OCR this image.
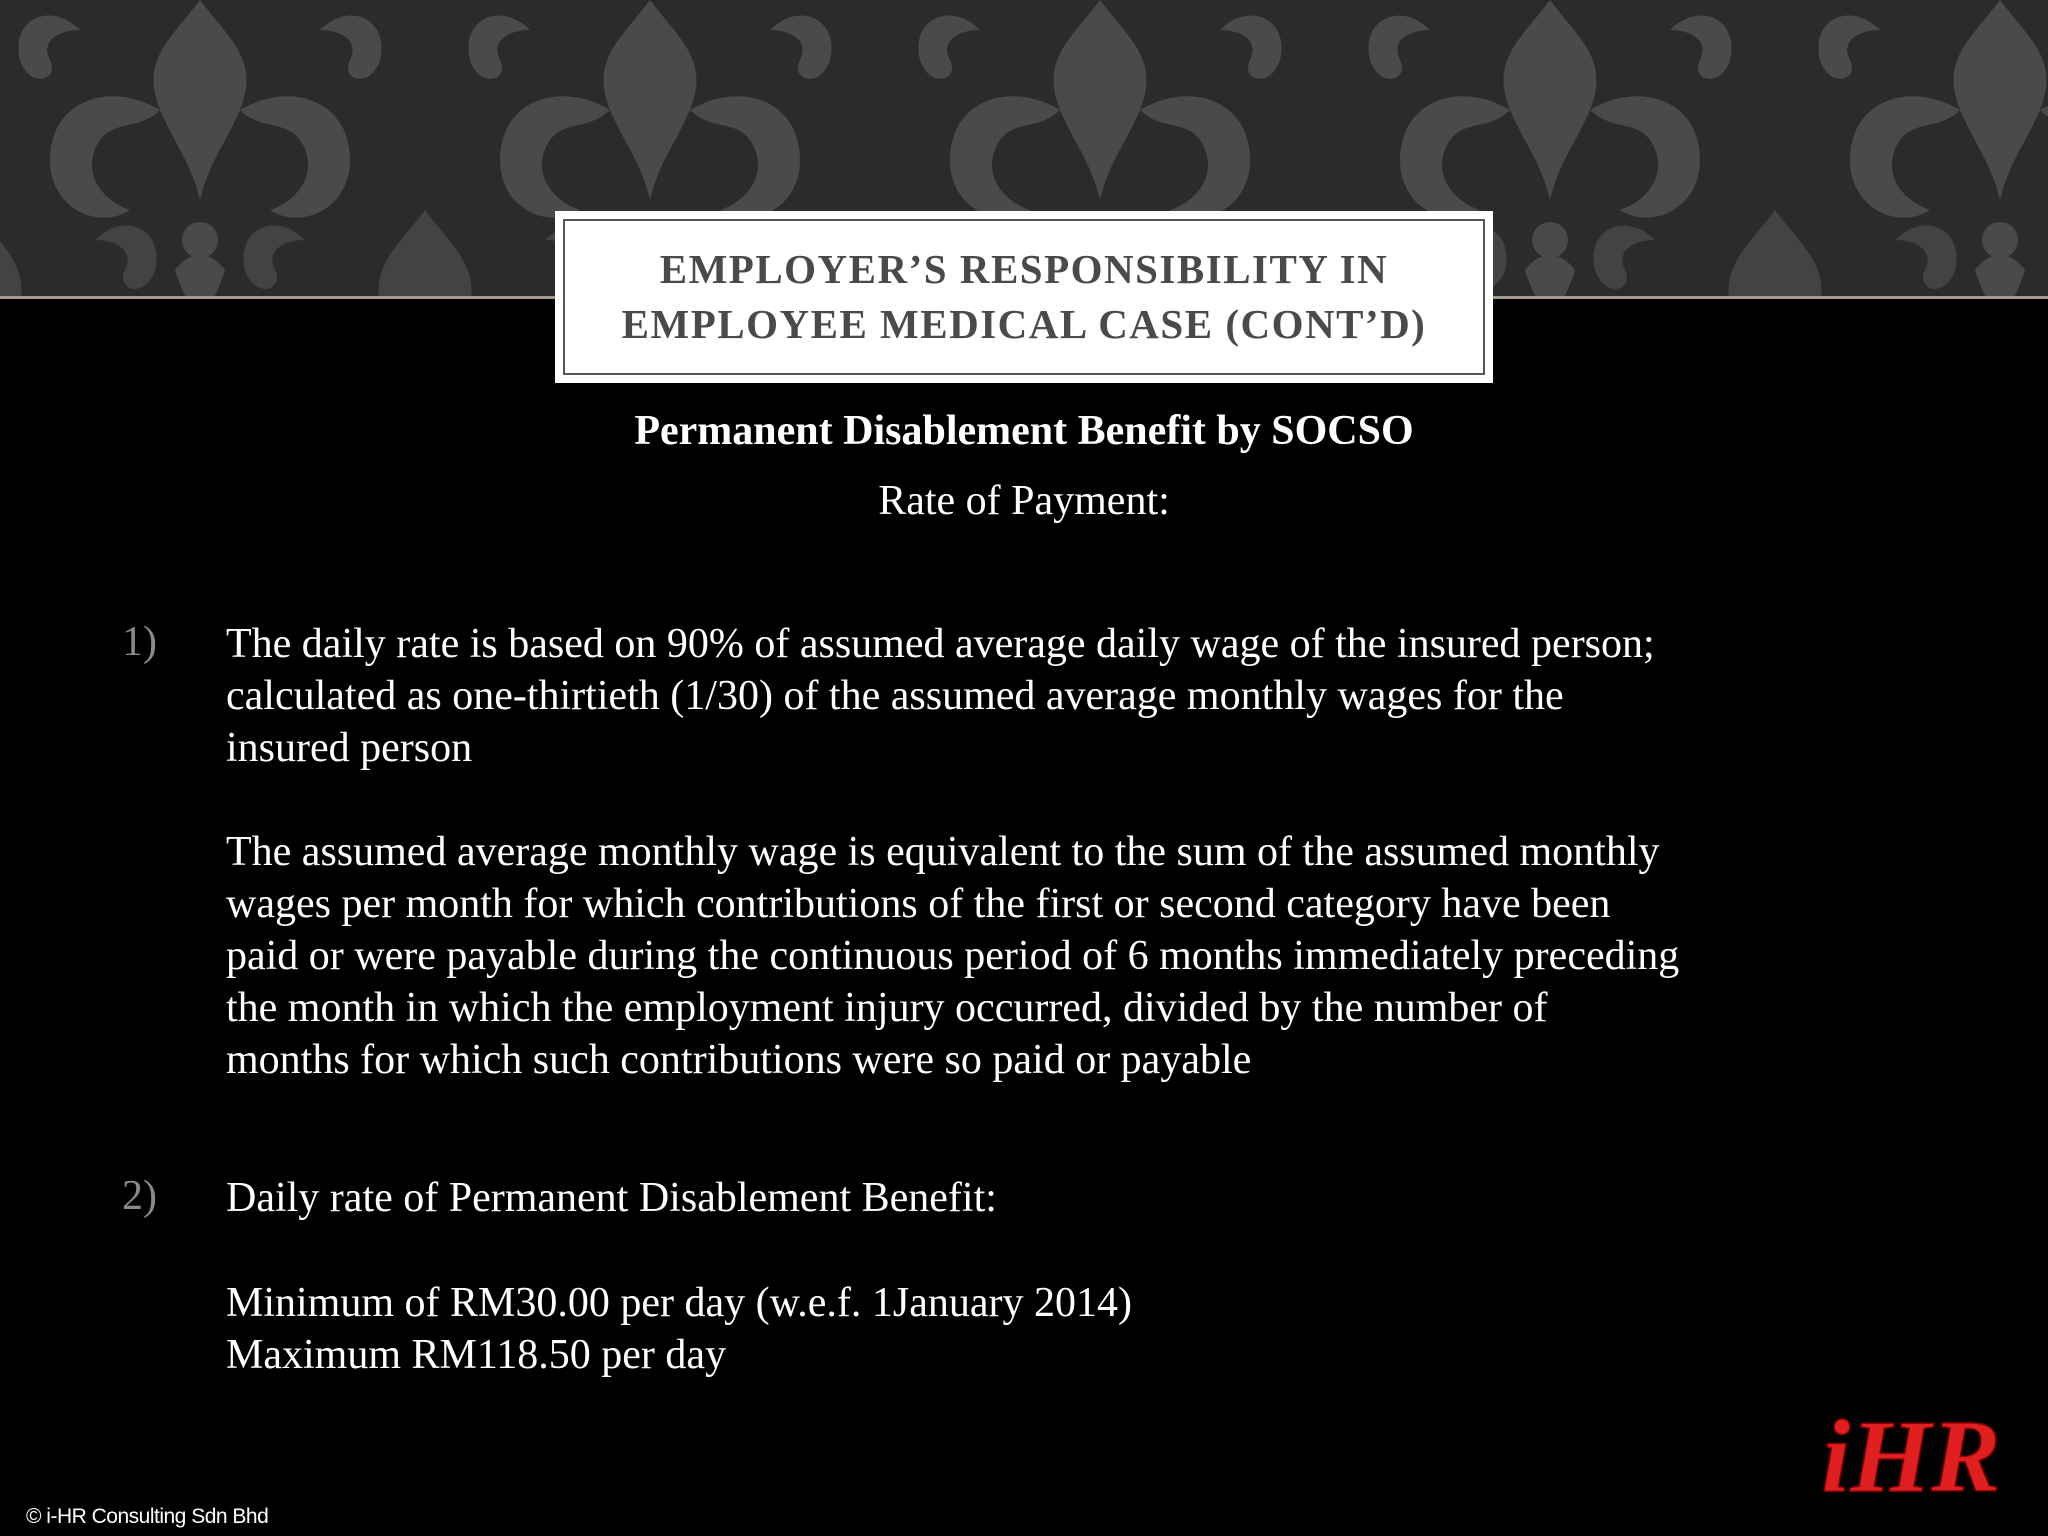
EMPLOYER’S RESPONSIBILITY IN
EMPLOYEE MEDICAL CASE (CONT’D)
Permanent Disablement Benefit by SOCSO
Rate of Payment:
1) The daily rate is based on 90% of assumed average daily wage of the insured person;
calculated as one-thirtieth (1/30) of the assumed average monthly wages for the
insured person
The assumed average monthly wage is equivalent to the sum of the assumed monthly
wages per month for which contributions of the first or second category have been
paid or were payable during the continuous period of 6 months immediately preceding
the month in which the employment injury occurred, divided by the number of
months for which such contributions were so paid or payable
2) Daily rate of Permanent Disablement Benefit:
Minimum of RM30.00 per day (w.e.f. 1January 2014)
Maximum RM118.50 per day
© i-HR Consulting Sdn Bhd
iHR
